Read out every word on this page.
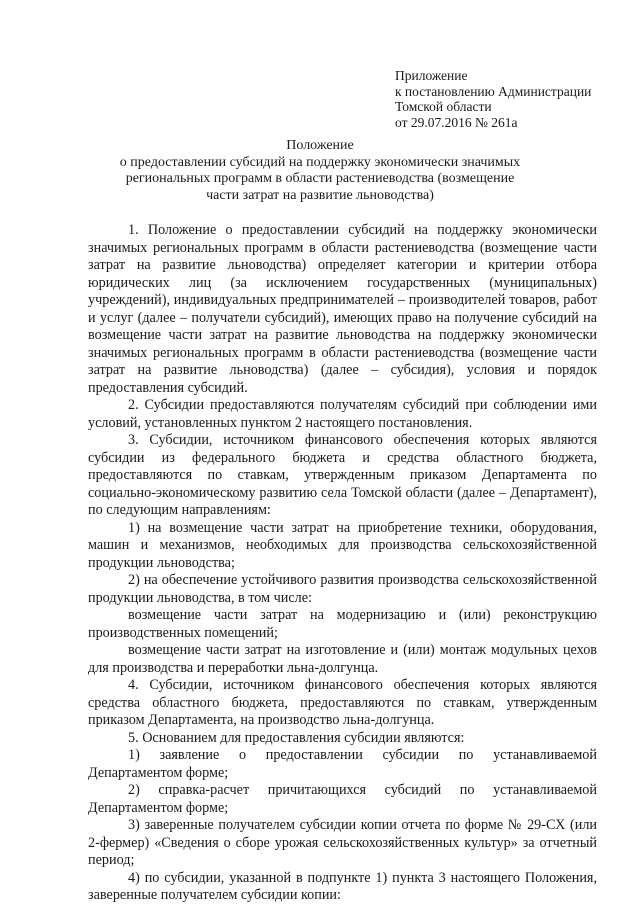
Приложение
к постановлению Администрации
Томской области
от 29.07.2016 № 261а
Положение
о предоставлении субсидий на поддержку экономически значимых
региональных программ в области растениеводства (возмещение
части затрат на развитие льноводства)

1. Положение о предоставлении субсидий на поддержку экономически значимых региональных программ в области растениеводства (возмещение части затрат на развитие льноводства) определяет категории и критерии отбора юридических лиц (за исключением государственных (муниципальных) учреждений), индивидуальных предпринимателей – производителей товаров, работ и услуг (далее – получатели субсидий), имеющих право на получение субсидий на возмещение части затрат на развитие льноводства на поддержку экономически значимых региональных программ в области растениеводства (возмещение части затрат на развитие льноводства) (далее – субсидия), условия и порядок предоставления субсидий.

2. Субсидии предоставляются получателям субсидий при соблюдении ими условий, установленных пунктом 2 настоящего постановления.

3. Субсидии, источником финансового обеспечения которых являются субсидии из федерального бюджета и средства областного бюджета, предоставляются по ставкам, утвержденным приказом Департамента по социально-экономическому развитию села Томской области (далее – Департамент), по следующим направлениям:

1) на возмещение части затрат на приобретение техники, оборудования, машин и механизмов, необходимых для производства сельскохозяйственной продукции льноводства;

2) на обеспечение устойчивого развития производства сельскохозяйственной продукции льноводства, в том числе:

возмещение части затрат на модернизацию и (или) реконструкцию производственных помещений;

возмещение части затрат на изготовление и (или) монтаж модульных цехов для производства и переработки льна-долгунца.

4. Субсидии, источником финансового обеспечения которых являются средства областного бюджета, предоставляются по ставкам, утвержденным приказом Департамента, на производство льна-долгунца.

5. Основанием для предоставления субсидии являются:

1) заявление о предоставлении субсидии по устанавливаемой Департаментом форме;

2) справка-расчет причитающихся субсидий по устанавливаемой Департаментом форме;

3) заверенные получателем субсидии копии отчета по форме № 29-СХ (или 2-фермер) «Сведения о сборе урожая сельскохозяйственных культур» за отчетный период;

4) по субсидии, указанной в подпункте 1) пункта 3 настоящего Положения, заверенные получателем субсидии копии:
